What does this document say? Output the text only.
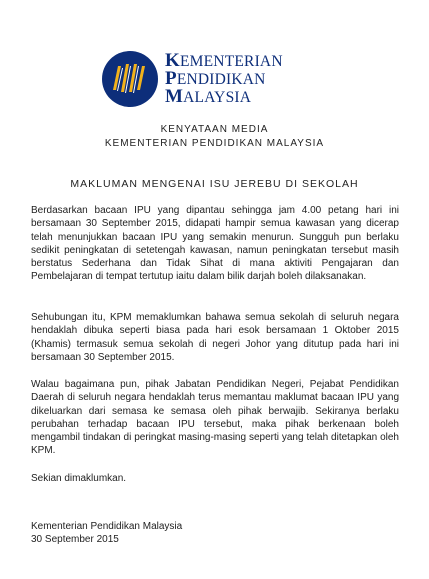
KEMENTERIAN
PENDIDIKAN
MALAYSIA
KENYATAAN MEDIA
KEMENTERIAN PENDIDIKAN MALAYSIA
MAKLUMAN MENGENAI ISU JEREBU DI SEKOLAH

Berdasarkan bacaan IPU yang dipantau sehingga jam 4.00 petang hari ini bersamaan 30 September 2015, didapati hampir semua kawasan yang dicerap telah menunjukkan bacaan IPU yang semakin menurun. Sungguh pun berlaku sedikit peningkatan di setetengah kawasan, namun peningkatan tersebut masih berstatus Sederhana dan Tidak Sihat di mana aktiviti Pengajaran dan Pembelajaran di tempat tertutup iaitu dalam bilik darjah boleh dilaksanakan.

Sehubungan itu, KPM memaklumkan bahawa semua sekolah di seluruh negara hendaklah dibuka seperti biasa pada hari esok bersamaan 1 Oktober 2015 (Khamis) termasuk semua sekolah di negeri Johor yang ditutup pada hari ini bersamaan 30 September 2015.

Walau bagaimana pun, pihak Jabatan Pendidikan Negeri, Pejabat Pendidikan Daerah di seluruh negara hendaklah terus memantau maklumat bacaan IPU yang dikeluarkan dari semasa ke semasa oleh pihak berwajib. Sekiranya berlaku perubahan terhadap bacaan IPU tersebut, maka pihak berkenaan boleh mengambil tindakan di peringkat masing-masing seperti yang telah ditetapkan oleh KPM.

Sekian dimaklumkan.

Kementerian Pendidikan Malaysia
30 September 2015
